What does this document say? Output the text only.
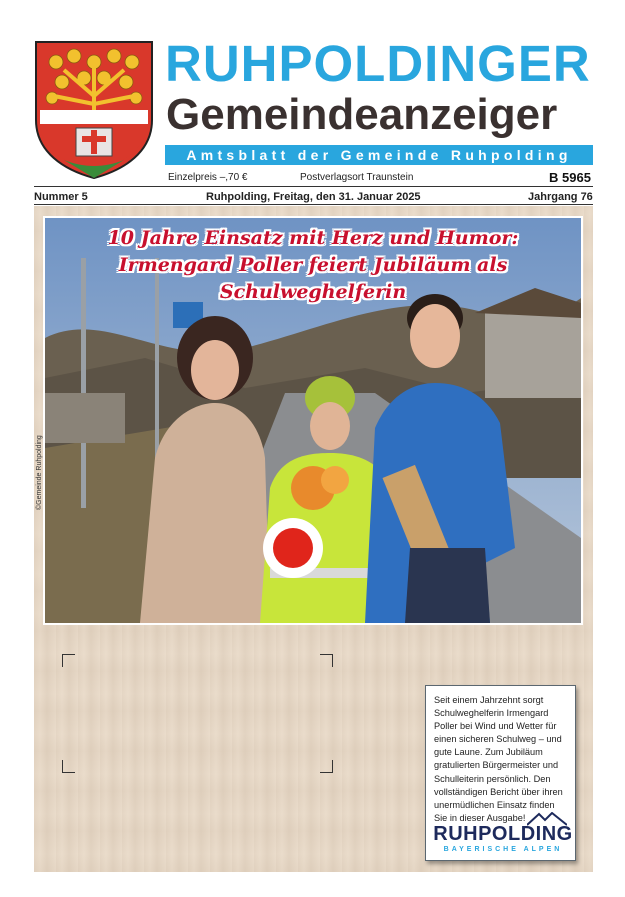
RUHPOLDINGER
Gemeindeanzeiger
Amtsblatt der Gemeinde Ruhpolding
Einzelpreis –,70 €	Postverlagsort Traunstein	B 5965
Nummer 5	Ruhpolding, Freitag, den 31. Januar 2025	Jahrgang 76
10 Jahre Einsatz mit Herz und Humor:
Irmengard Poller feiert Jubiläum als Schulweghelferin
Seit einem Jahrzehnt sorgt Schulweghelferin Irmengard Poller bei Wind und Wetter für einen sicheren Schulweg – und gute Laune. Zum Jubiläum gratulierten Bürgermeister und Schulleiterin persönlich. Den vollständigen Bericht über ihren unermüdlichen Einsatz finden Sie in dieser Ausgabe!
RUHPOLDING
BAYERISCHE ALPEN
